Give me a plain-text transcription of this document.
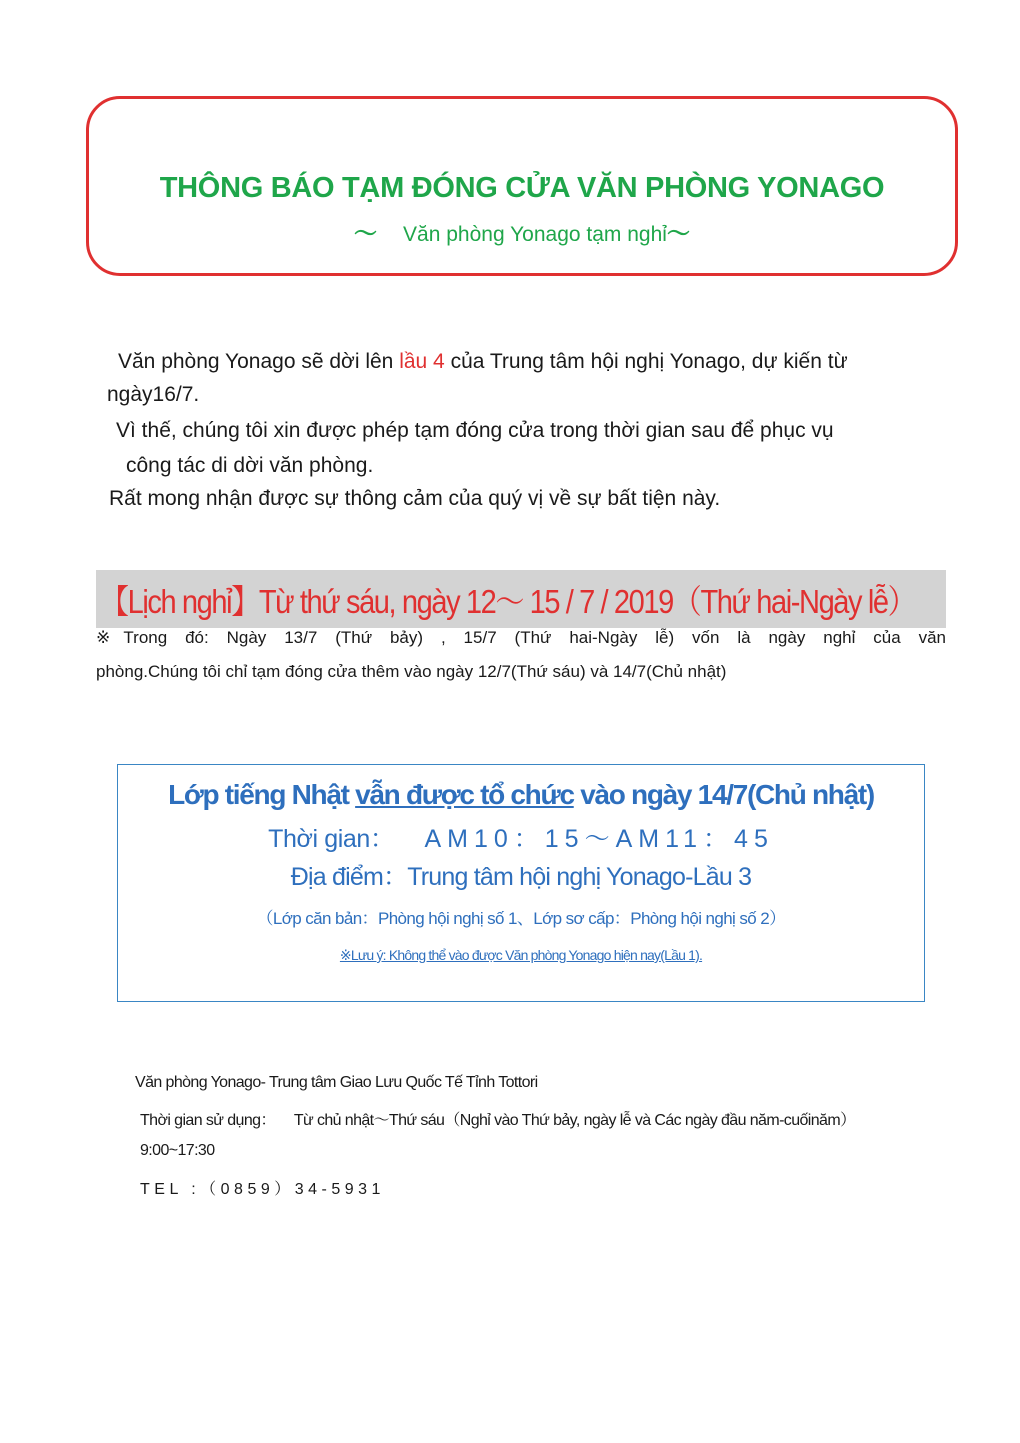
THÔNG BÁO TẠM ĐÓNG CỬA VĂN PHÒNG YONAGO
〜 Văn phòng Yonago tạm nghỉ〜
Văn phòng Yonago sẽ dời lên lầu 4 của Trung tâm hội nghị Yonago, dự kiến từ
ngày16/7.
Vì thế, chúng tôi xin được phép tạm đóng cửa trong thời gian sau để phục vụ
công tác di dời văn phòng.
Rất mong nhận được sự thông cảm của quý vị về sự bất tiện này.
【Lịch nghỉ】Từ thứ sáu, ngày 12～ 15 / 7 / 2019（Thứ hai-Ngày lễ）
※Trong đó: Ngày 13/7 (Thứ bảy) , 15/7 (Thứ hai-Ngày lễ) vốn là ngày nghỉ của văn
phòng.Chúng tôi chỉ tạm đóng cửa thêm vào ngày 12/7(Thứ sáu) và 14/7(Chủ nhật)
Lớp tiếng Nhật vẫn được tổ chức vào ngày 14/7(Chủ nhật)
Thời gian： AM10：15～AM11：45
Địa điểm：Trung tâm hội nghị Yonago-Lầu 3
（Lớp căn bản：Phòng hội nghị số 1、Lớp sơ cấp：Phòng hội nghị số 2）
※Lưu ý: Không thể vào được Văn phòng Yonago hiện nay(Lầu 1).
Văn phòng Yonago- Trung tâm Giao Lưu Quốc Tế Tỉnh Tottori
Thời gian sử dụng： Từ chủ nhật～Thứ sáu（Nghỉ vào Thứ bảy, ngày lễ và Các ngày đầu năm-cuốinăm）
9:00~17:30
TEL :（0859）34-5931
